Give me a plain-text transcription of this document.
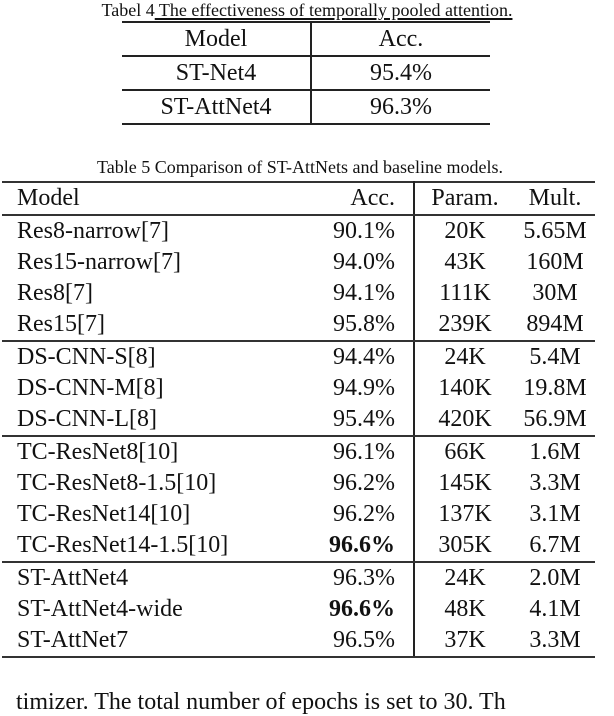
Tabel 4 The effectiveness of temporally pooled attention.
Model	Acc.
ST-Net4	95.4%
ST-AttNet4	96.3%
Table 5 Comparison of ST-AttNets and baseline models.
Model	Acc.	Param.	Mult.
Res8-narrow[7]	90.1%	20K	5.65M
Res15-narrow[7]	94.0%	43K	160M
Res8[7]	94.1%	111K	30M
Res15[7]	95.8%	239K	894M
DS-CNN-S[8]	94.4%	24K	5.4M
DS-CNN-M[8]	94.9%	140K	19.8M
DS-CNN-L[8]	95.4%	420K	56.9M
TC-ResNet8[10]	96.1%	66K	1.6M
TC-ResNet8-1.5[10]	96.2%	145K	3.3M
TC-ResNet14[10]	96.2%	137K	3.1M
TC-ResNet14-1.5[10]	96.6%	305K	6.7M
ST-AttNet4	96.3%	24K	2.0M
ST-AttNet4-wide	96.6%	48K	4.1M
ST-AttNet7	96.5%	37K	3.3M
timizer. The total number of epochs is set to 30. Th
